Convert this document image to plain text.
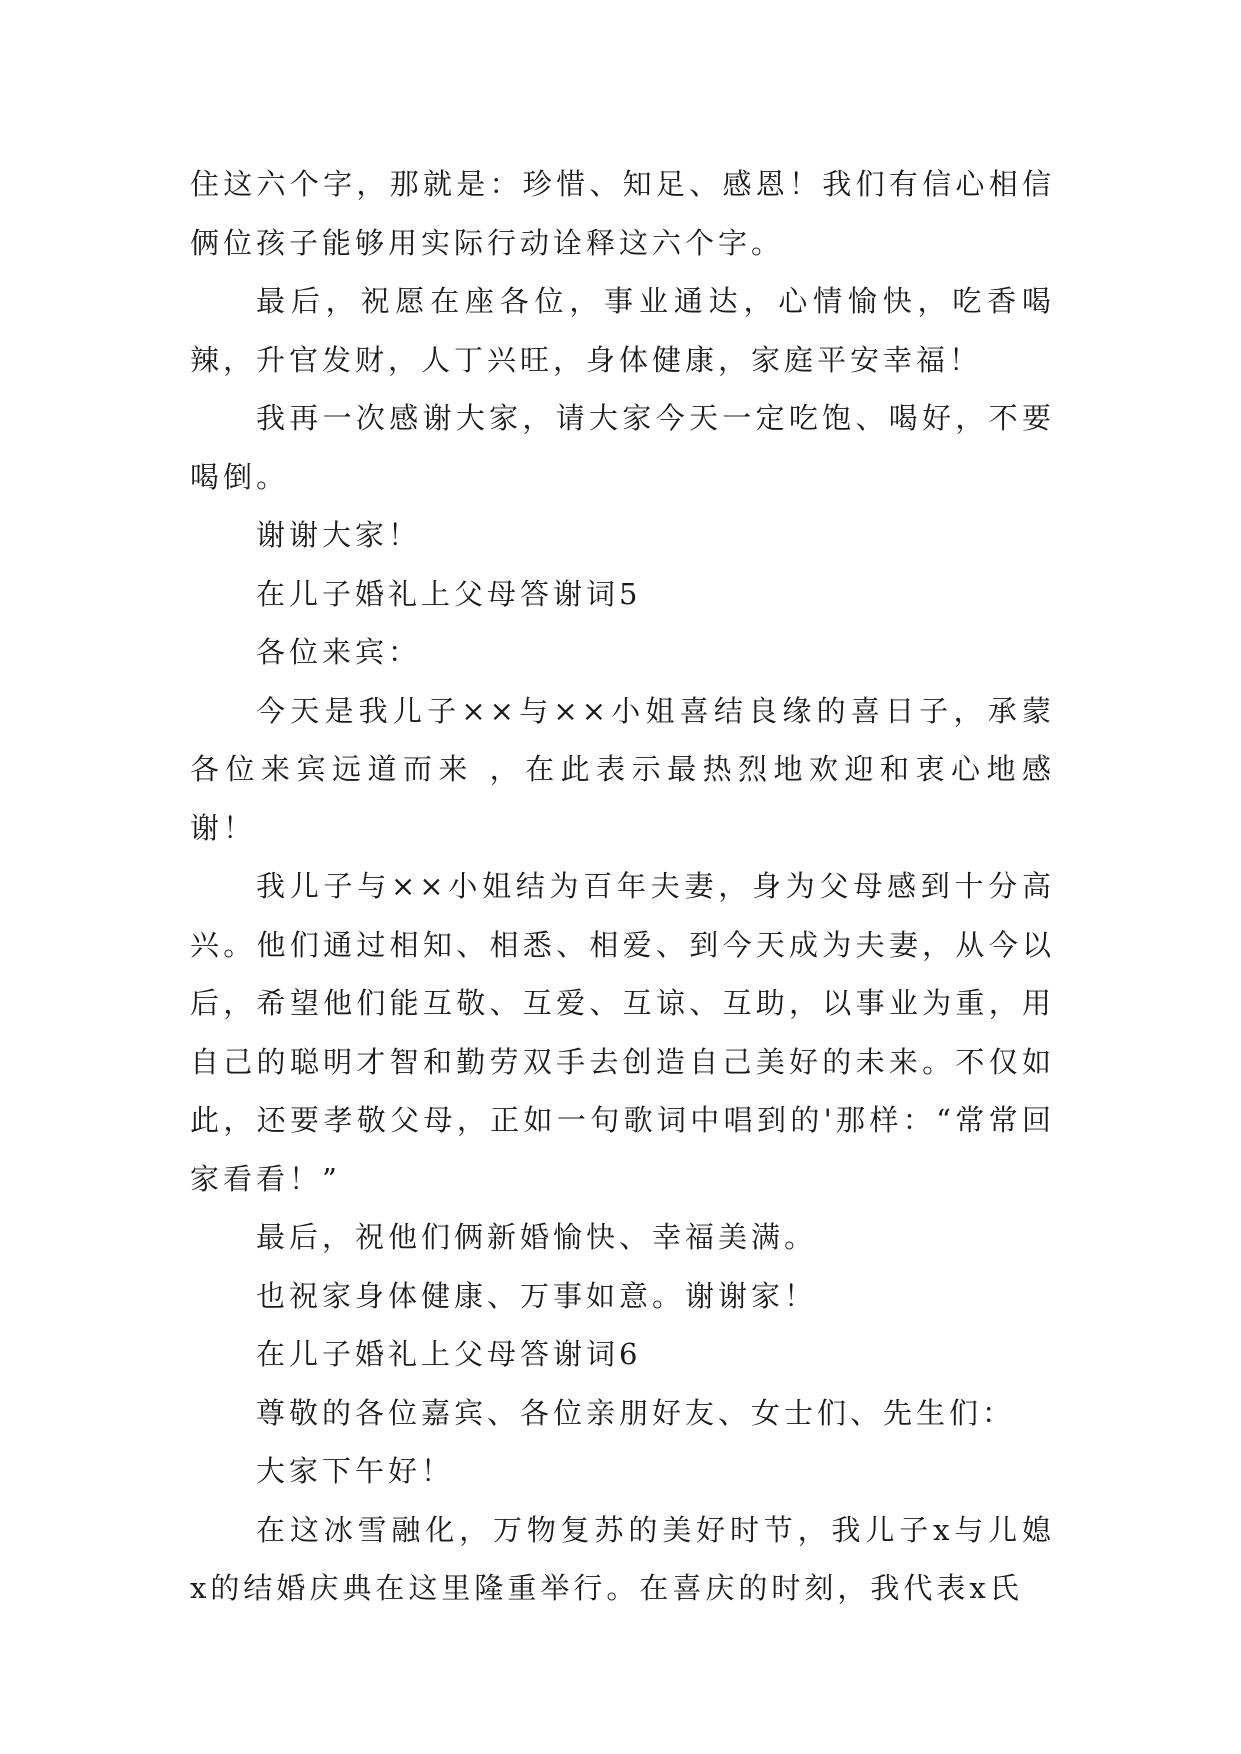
住这六个字，那就是：珍惜、知足、感恩！我们有信心相信俩位孩子能够用实际行动诠释这六个字。

最后，祝愿在座各位，事业通达，心情愉快，吃香喝辣，升官发财，人丁兴旺，身体健康，家庭平安幸福！

我再一次感谢大家，请大家今天一定吃饱、喝好，不要喝倒。

谢谢大家！

在儿子婚礼上父母答谢词5

各位来宾：

今天是我儿子××与××小姐喜结良缘的喜日子，承蒙各位来宾远道而来 ，在此表示最热烈地欢迎和衷心地感谢！

我儿子与××小姐结为百年夫妻，身为父母感到十分高兴。他们通过相知、相悉、相爱、到今天成为夫妻，从今以后，希望他们能互敬、互爱、互谅、互助，以事业为重，用自己的聪明才智和勤劳双手去创造自己美好的未来。不仅如此，还要孝敬父母，正如一句歌词中唱到的'那样：“常常回家看看！”

最后，祝他们俩新婚愉快、幸福美满。

也祝家身体健康、万事如意。谢谢家！

在儿子婚礼上父母答谢词6

尊敬的各位嘉宾、各位亲朋好友、女士们、先生们：

大家下午好！

在这冰雪融化，万物复苏的美好时节，我儿子x与儿媳x的结婚庆典在这里隆重举行。在喜庆的时刻，我代表x氏
